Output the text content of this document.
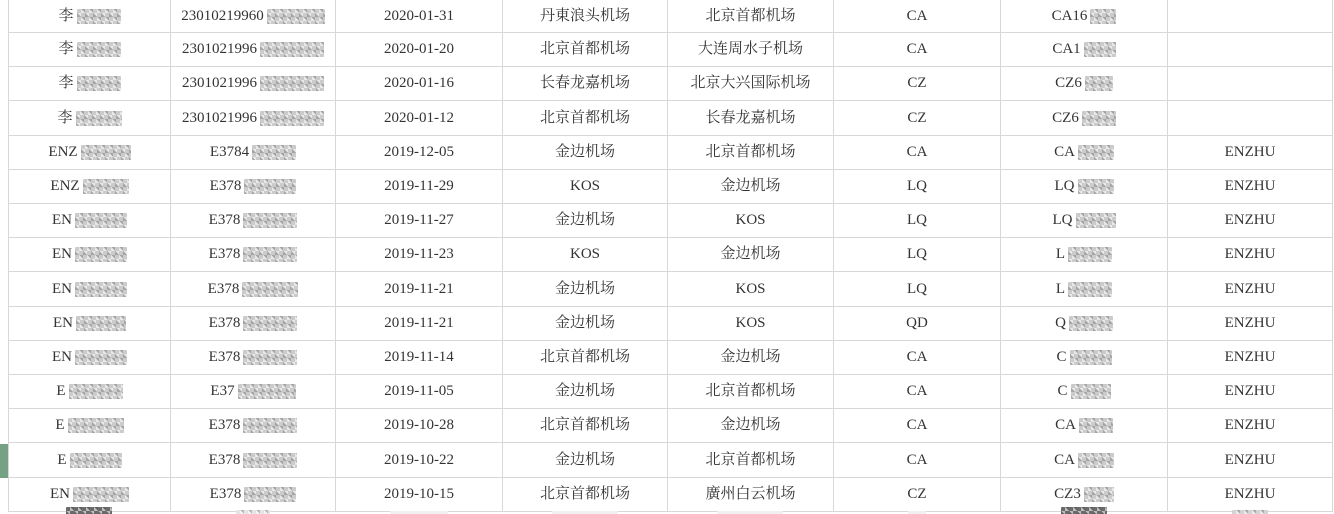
李	23010219960	2020-01-31	丹東浪头机场	北京首都机场	CA	CA16
李	2301021996	2020-01-20	北京首都机场	大连周水子机场	CA	CA1
李	2301021996	2020-01-16	长春龙嘉机场	北京大兴国际机场	CZ	CZ6
李	2301021996	2020-01-12	北京首都机场	长春龙嘉机场	CZ	CZ6
ENZ	E3784	2019-12-05	金边机场	北京首都机场	CA	CA	ENZHU
ENZ	E378	2019-11-29	KOS	金边机场	LQ	LQ	ENZHU
EN	E378	2019-11-27	金边机场	KOS	LQ	LQ	ENZHU
EN	E378	2019-11-23	KOS	金边机场	LQ	L	ENZHU
EN	E378	2019-11-21	金边机场	KOS	LQ	L	ENZHU
EN	E378	2019-11-21	金边机场	KOS	QD	Q	ENZHU
EN	E378	2019-11-14	北京首都机场	金边机场	CA	C	ENZHU
E	E37	2019-11-05	金边机场	北京首都机场	CA	C	ENZHU
E	E378	2019-10-28	北京首都机场	金边机场	CA	CA	ENZHU
E	E378	2019-10-22	金边机场	北京首都机场	CA	CA	ENZHU
EN	E378	2019-10-15	北京首都机场	廣州白云机场	CZ	CZ3	ENZHU
